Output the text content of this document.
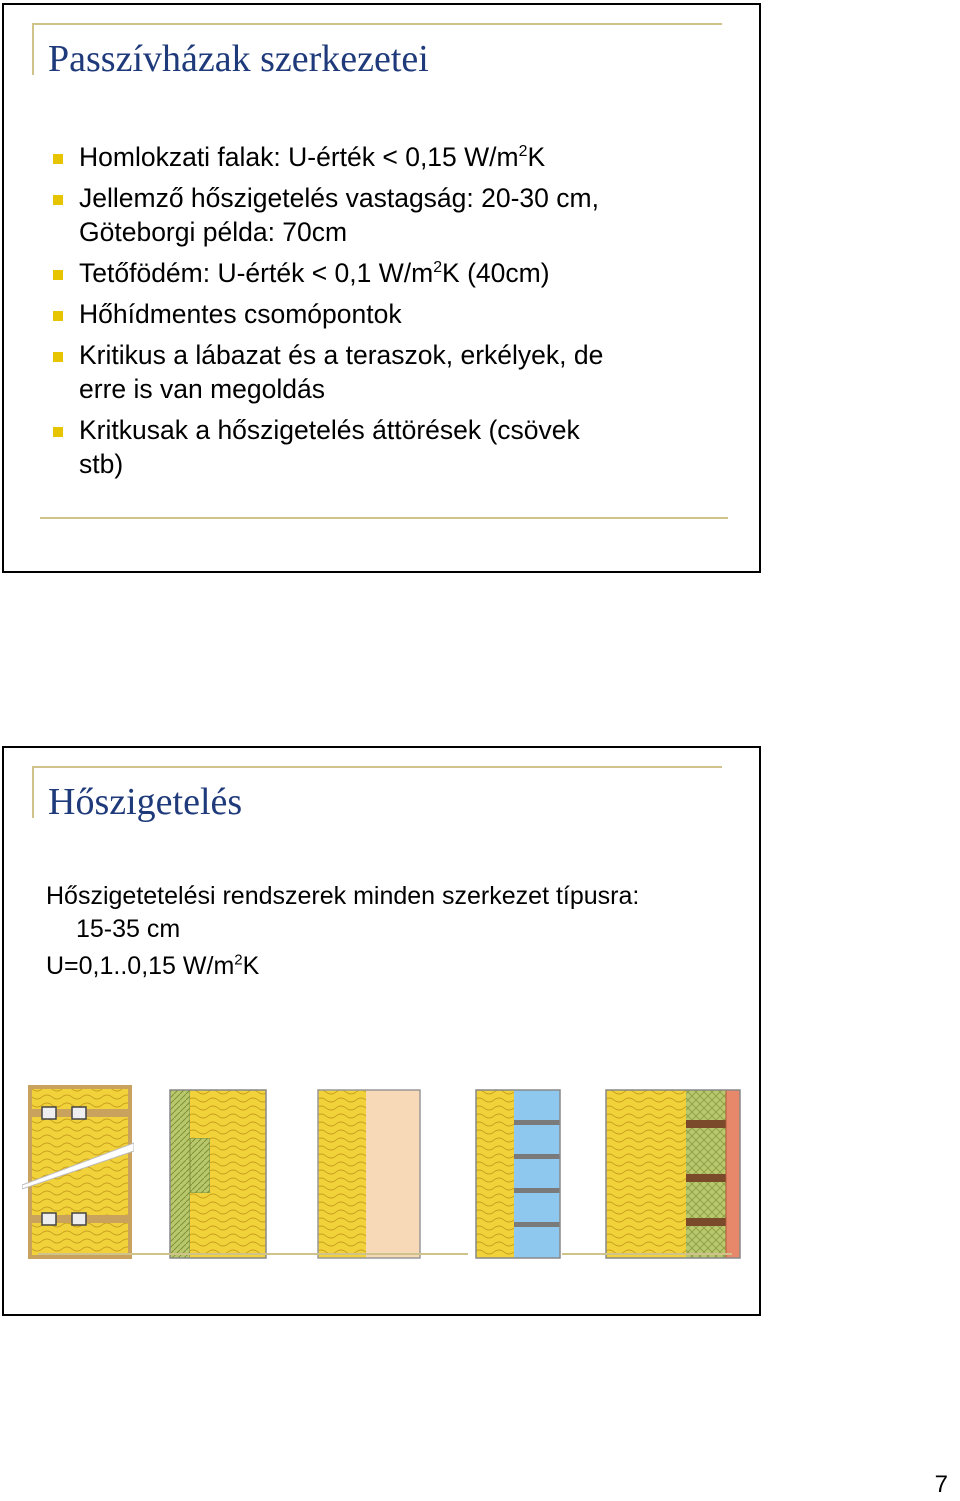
Passzívházak szerkezetei
Homlokzati falak: U-érték < 0,15 $W/m^2K$
Jellemző hőszigetelés vastagság: 20-30 cm,
Göteborgi példa: 70cm
Tetőfödém: U-érték < 0,1 $W/m^2K$ (40cm)
Hőhídmentes csomópontok
Kritikus a lábazat és a teraszok, erkélyek, de
erre is van megoldás
Kritkusak a hőszigetelés áttörések (csövek
stb)
Hőszigetelés

Hőszigetetelési rendszerek minden szerkezet típusra:
15-35 cm

U=0,1..0,15 $W/m^2K$

7
